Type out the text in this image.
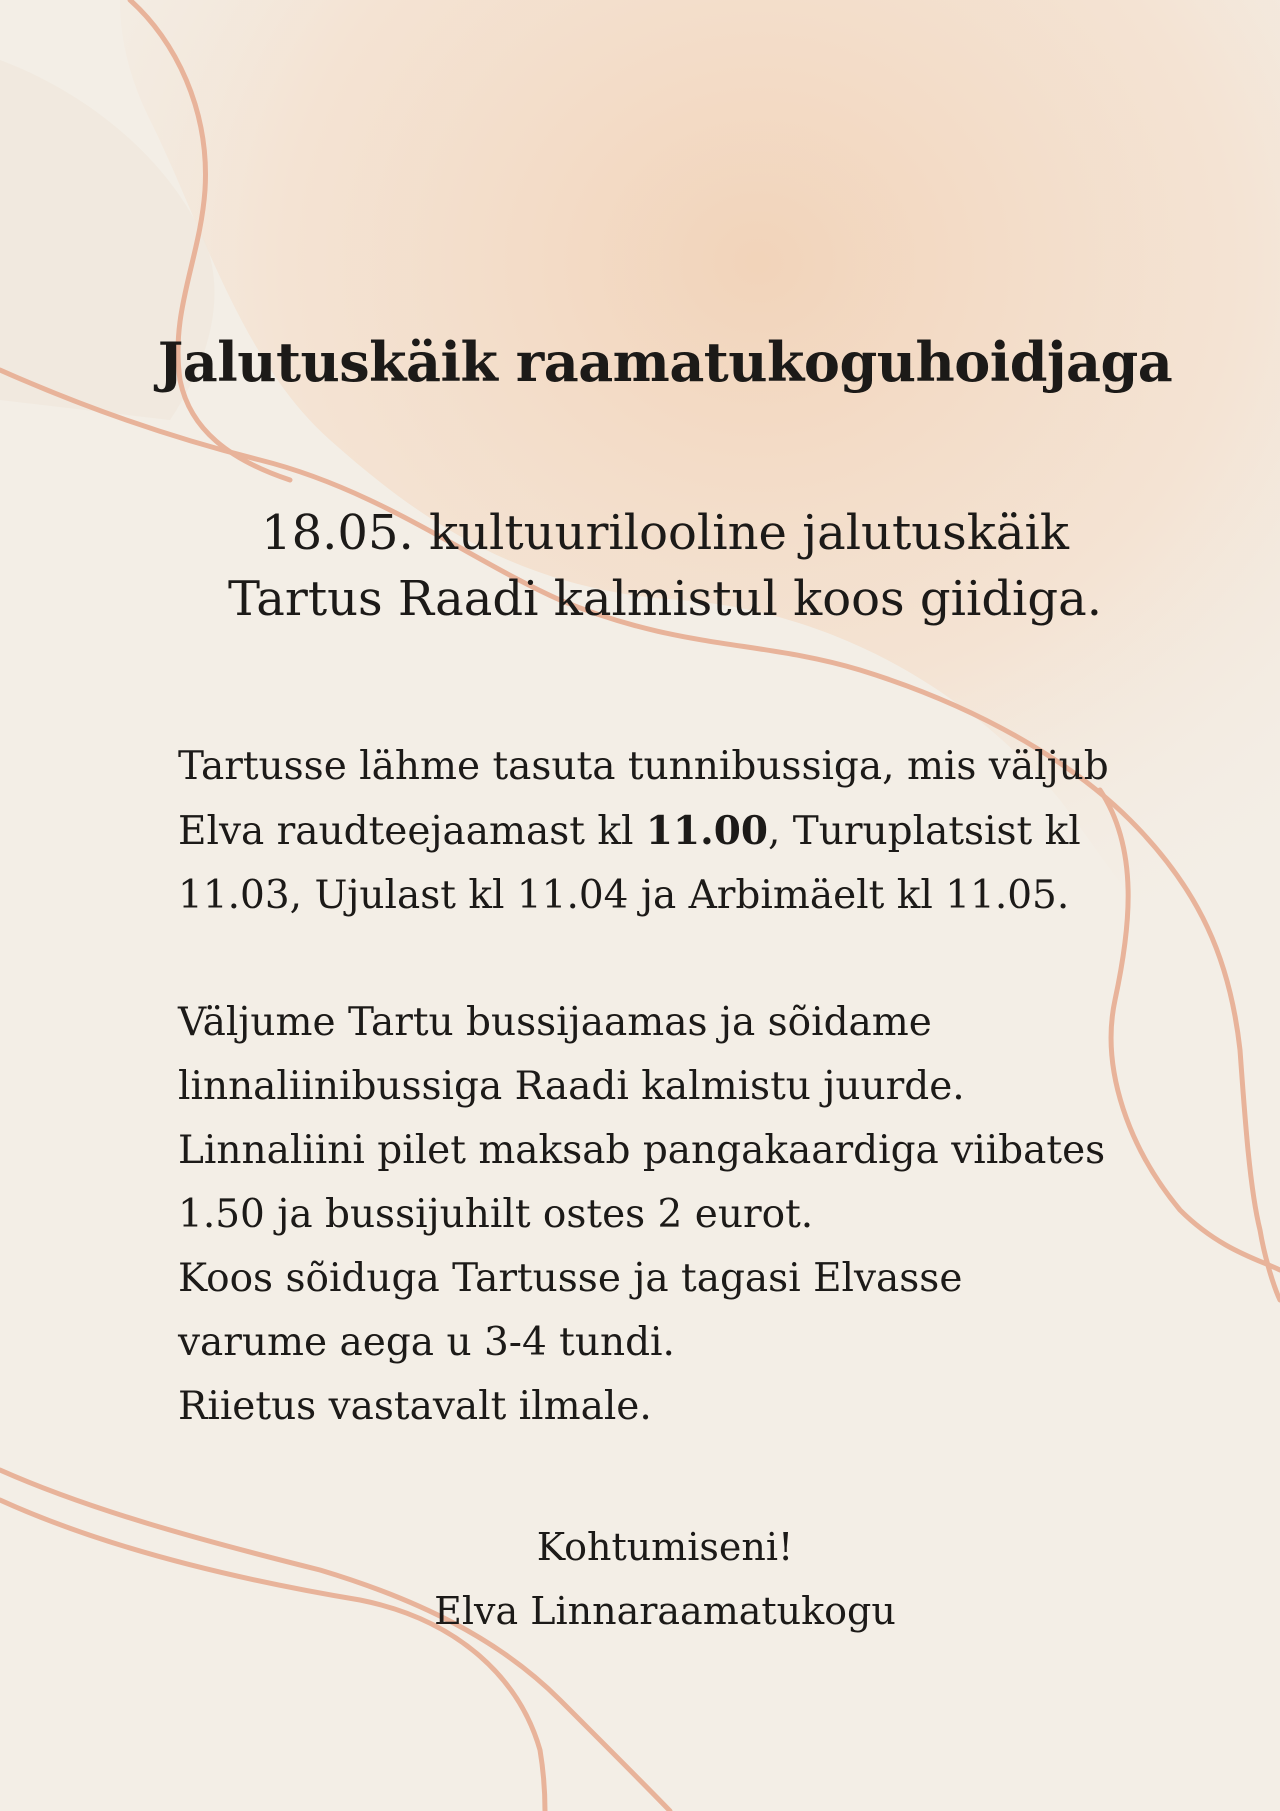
Jalutuskäik raamatukoguhoidjaga

18.05. kultuurilooline jalutuskäik
Tartus Raadi kalmistul koos giidiga.

Tartusse lähme tasuta tunnibussiga, mis väljub
Elva raudteejaamast kl 11.00, Turuplatsist kl
11.03, Ujulast kl 11.04 ja Arbimäelt kl 11.05.

Väljume Tartu bussijaamas ja sõidame
linnaliinibussiga Raadi kalmistu juurde.
Linnaliini pilet maksab pangakaardiga viibates
1.50 ja bussijuhilt ostes 2 eurot.
Koos sõiduga Tartusse ja tagasi Elvasse
varume aega u 3-4 tundi.
Riietus vastavalt ilmale.

Kohtumiseni!
Elva Linnaraamatukogu
